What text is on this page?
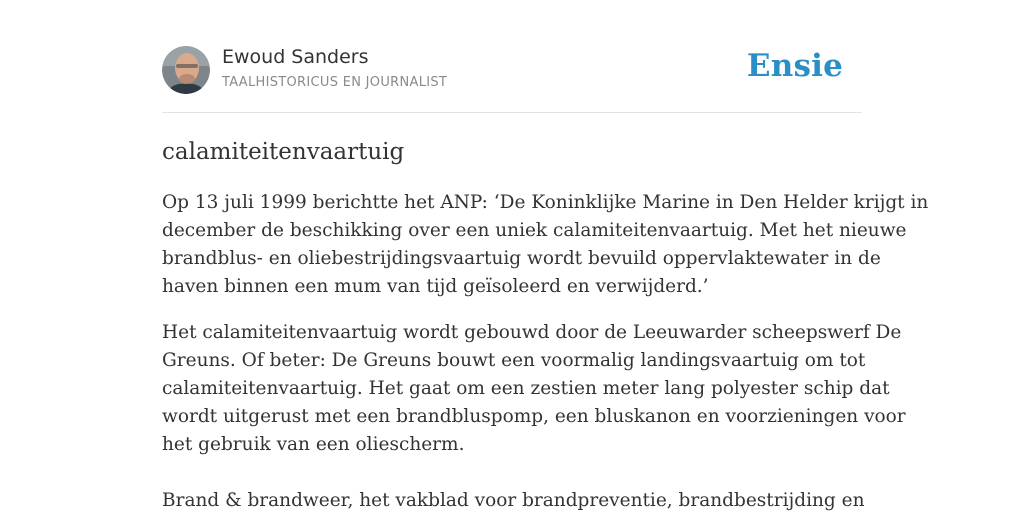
Ewoud Sanders
TAALHISTORICUS EN JOURNALIST	Ensie
calamiteitenvaartuig

Op 13 juli 1999 berichtte het ANP: ‘De Koninklijke Marine in Den Helder krijgt in
december de beschikking over een uniek calamiteitenvaartuig. Met het nieuwe
brandblus- en oliebestrijdingsvaartuig wordt bevuild oppervlaktewater in de
haven binnen een mum van tijd geïsoleerd en verwijderd.’

Het calamiteitenvaartuig wordt gebouwd door de Leeuwarder scheepswerf De
Greuns. Of beter: De Greuns bouwt een voormalig landingsvaartuig om tot
calamiteitenvaartuig. Het gaat om een zestien meter lang polyester schip dat
wordt uitgerust met een brandbluspomp, een bluskanon en voorzieningen voor
het gebruik van een oliescherm.

Brand & brandweer, het vakblad voor brandpreventie, brandbestrijding en
